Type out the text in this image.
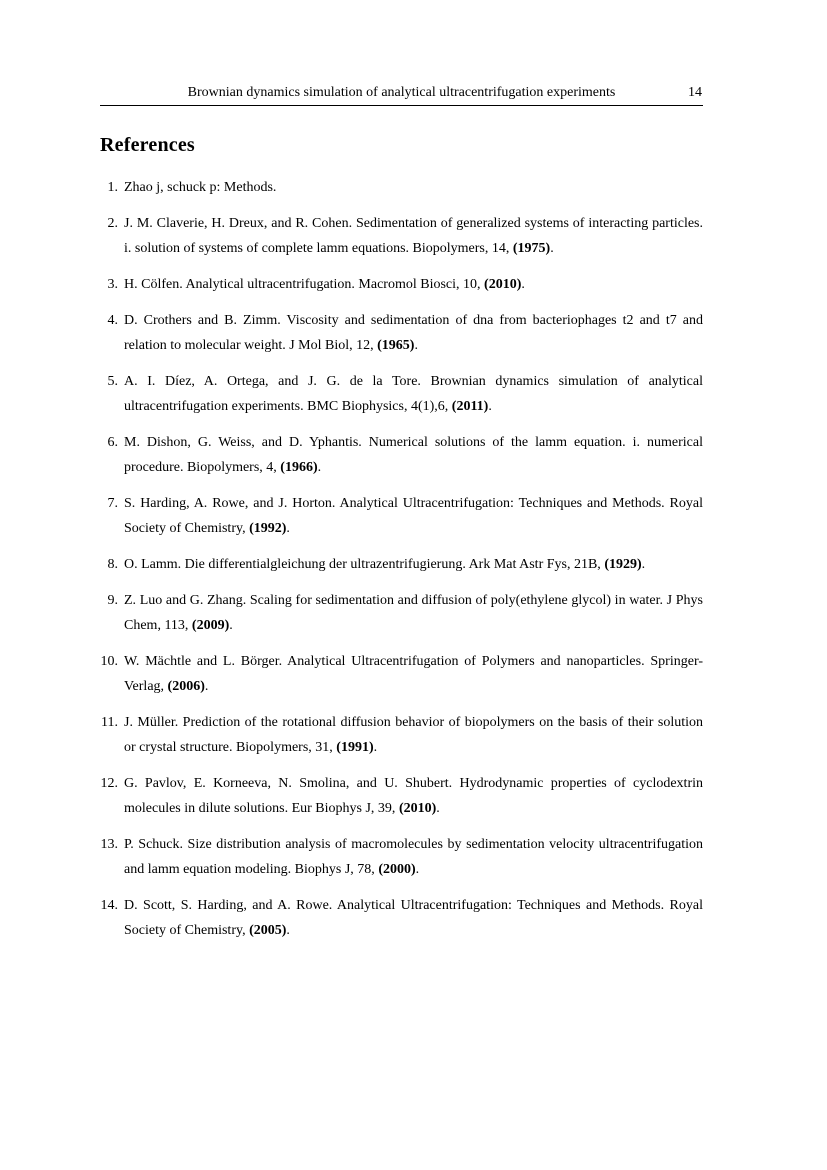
Brownian dynamics simulation of analytical ultracentrifugation experiments	14
References
1. Zhao j, schuck p: Methods.
2. J. M. Claverie, H. Dreux, and R. Cohen. Sedimentation of generalized systems of interacting particles. i. solution of systems of complete lamm equations. Biopolymers, 14, (1975).
3. H. Cölfen. Analytical ultracentrifugation. Macromol Biosci, 10, (2010).
4. D. Crothers and B. Zimm. Viscosity and sedimentation of dna from bacteriophages t2 and t7 and relation to molecular weight. J Mol Biol, 12, (1965).
5. A. I. Díez, A. Ortega, and J. G. de la Tore. Brownian dynamics simulation of analytical ultracentrifugation experiments. BMC Biophysics, 4(1),6, (2011).
6. M. Dishon, G. Weiss, and D. Yphantis. Numerical solutions of the lamm equation. i. numerical procedure. Biopolymers, 4, (1966).
7. S. Harding, A. Rowe, and J. Horton. Analytical Ultracentrifugation: Techniques and Methods. Royal Society of Chemistry, (1992).
8. O. Lamm. Die differentialgleichung der ultrazentrifugierung. Ark Mat Astr Fys, 21B, (1929).
9. Z. Luo and G. Zhang. Scaling for sedimentation and diffusion of poly(ethylene glycol) in water. J Phys Chem, 113, (2009).
10. W. Mächtle and L. Börger. Analytical Ultracentrifugation of Polymers and nanoparticles. Springer-Verlag, (2006).
11. J. Müller. Prediction of the rotational diffusion behavior of biopolymers on the basis of their solution or crystal structure. Biopolymers, 31, (1991).
12. G. Pavlov, E. Korneeva, N. Smolina, and U. Shubert. Hydrodynamic properties of cyclodextrin molecules in dilute solutions. Eur Biophys J, 39, (2010).
13. P. Schuck. Size distribution analysis of macromolecules by sedimentation velocity ultracentrifugation and lamm equation modeling. Biophys J, 78, (2000).
14. D. Scott, S. Harding, and A. Rowe. Analytical Ultracentrifugation: Techniques and Methods. Royal Society of Chemistry, (2005).
